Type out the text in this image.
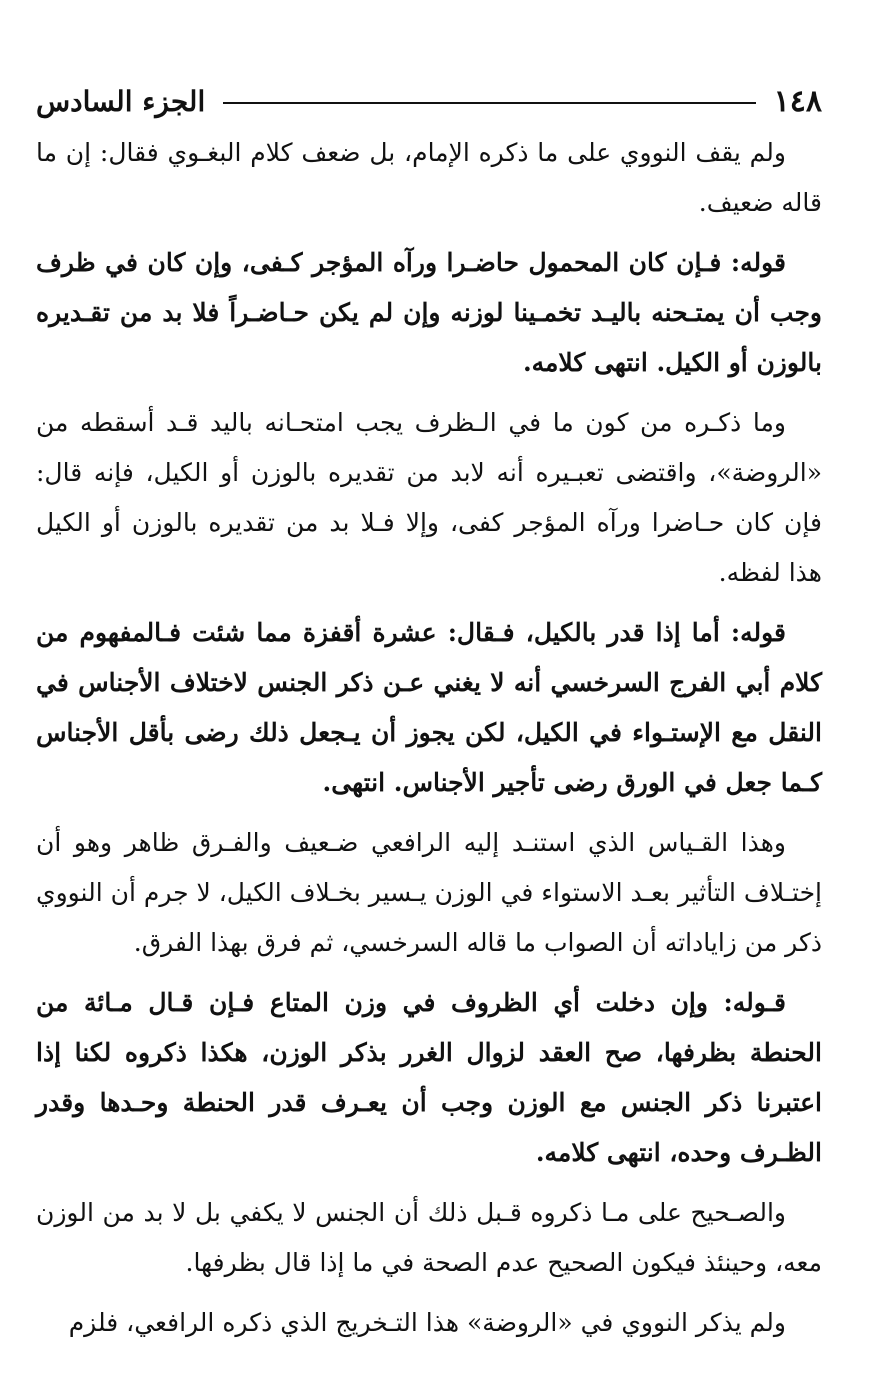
١٤٨
الجزء السادس

ولم يقف النووي على ما ذكره الإمام، بل ضعف كلام البغـوي فقال: إن ما قاله ضعيف.

قوله: فـإن كان المحمول حاضـرا ورآه المؤجر كـفى، وإن كان في ظرف وجب أن يمتـحنه باليـد تخمـينا لوزنه وإن لم يكن حـاضـراً فلا بد من تقـديره بالوزن أو الكيل. انتهى كلامه.

وما ذكـره من كون ما في الـظرف يجب امتحـانه باليد قـد أسقطه من «الروضة»، واقتضى تعبـيره أنه لابد من تقديره بالوزن أو الكيل، فإنه قال: فإن كان حـاضرا ورآه المؤجر كفى، وإلا فـلا بد من تقديره بالوزن أو الكيل هذا لفظه.

قوله: أما إذا قدر بالكيل، فـقال: عشرة أقفزة مما شئت فـالمفهوم من كلام أبي الفرج السرخسي أنه لا يغني عـن ذكر الجنس لاختلاف الأجناس في النقل مع الإستـواء في الكيل، لكن يجوز أن يـجعل ذلك رضى بأقل الأجناس كـما جعل في الورق رضى تأجير الأجناس. انتهى.

وهذا القـياس الذي استنـد إليه الرافعي ضـعيف والفـرق ظاهر وهو أن إختـلاف التأثير بعـد الاستواء في الوزن يـسير بخـلاف الكيل، لا جرم أن النووي ذكر من زاياداته أن الصواب ما قاله السرخسي، ثم فرق بهذا الفرق.

قـوله: وإن دخلت أي الظروف في وزن المتاع فـإن قـال مـائة من الحنطة بظرفها، صح العقد لزوال الغرر بذكر الوزن، هكذا ذكروه لكنا إذا اعتبرنا ذكر الجنس مع الوزن وجب أن يعـرف قدر الحنطة وحـدها وقدر الظـرف وحده، انتهى كلامه.

والصـحيح على مـا ذكروه قـبل ذلك أن الجنس لا يكفي بل لا بد من الوزن معه، وحينئذ فيكون الصحيح عدم الصحة في ما إذا قال بظرفها.

ولم يذكر النووي في «الروضة» هذا التـخريج الذي ذكره الرافعي، فلزم
